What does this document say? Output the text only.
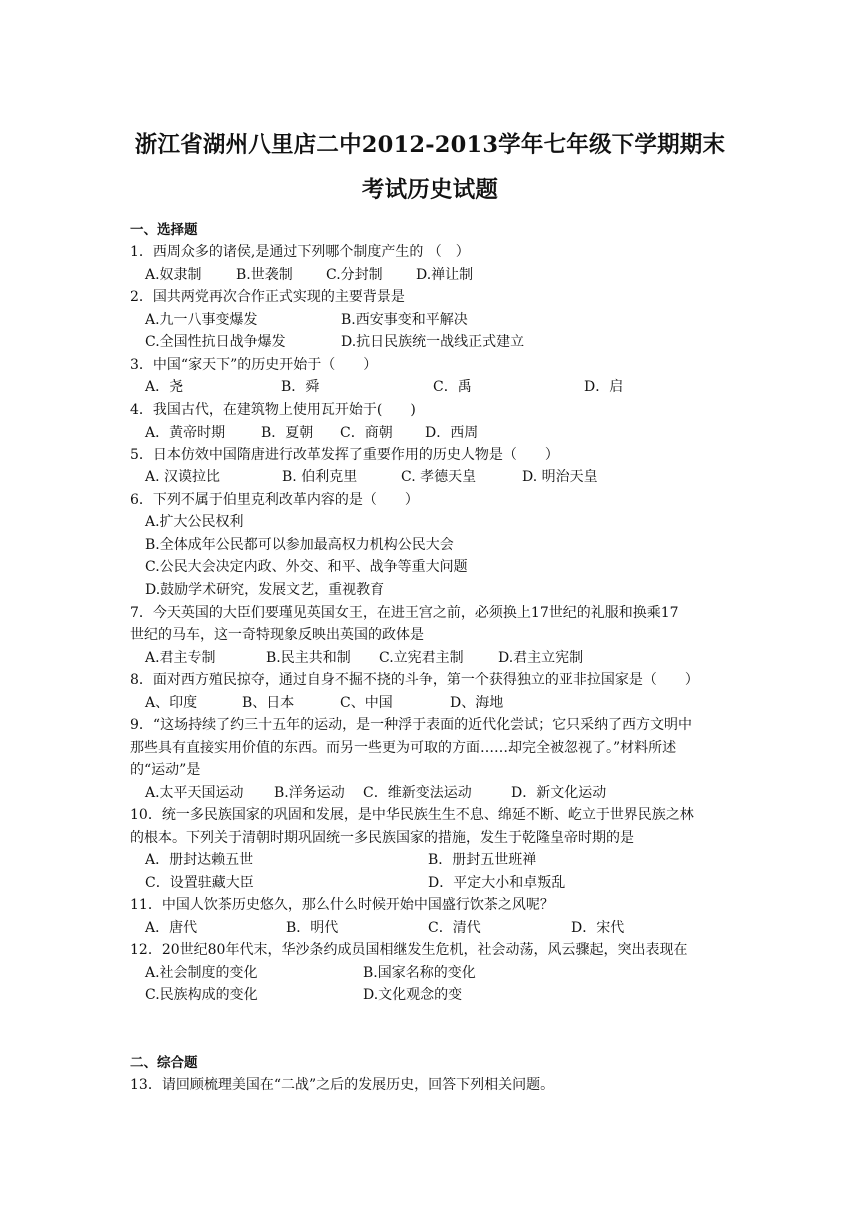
浙江省湖州八里店二中2012-2013学年七年级下学期期末
考试历史试题
一、选择题
1．西周众多的诸侯,是通过下列哪个制度产生的 （　）
A.奴隶制 B.世袭制 C.分封制 D.禅让制
2．国共两党再次合作正式实现的主要背景是
A.九一八事变爆发	B.西安事变和平解决
C.全国性抗日战争爆发	D.抗日民族统一战线正式建立
3．中国“家天下”的历史开始于（　　）
A．尧	B．舜	C．禹	D．启
4．我国古代，在建筑物上使用瓦开始于(　　)
A．黄帝时期	B．夏朝 C．商朝 D．西周
5．日本仿效中国隋唐进行改革发挥了重要作用的历史人物是（　　）
A. 汉谟拉比	B. 伯利克里	C. 孝德天皇	D. 明治天皇
6．下列不属于伯里克利改革内容的是（　　）
A.扩大公民权利
B.全体成年公民都可以参加最高权力机构公民大会
C.公民大会决定内政、外交、和平、战争等重大问题
D.鼓励学术研究，发展文艺，重视教育
7．今天英国的大臣们要瑾见英国女王，在进王宫之前，必须换上17世纪的礼服和换乘17
世纪的马车，这一奇特现象反映出英国的政体是
A.君主专制	B.民主共和制 C.立宪君主制 D.君主立宪制
8．面对西方殖民掠夺，通过自身不掘不挠的斗争，第一个获得独立的亚非拉国家是（　　）
A、印度	B、日本	C、中国	D、海地
9．“这场持续了约三十五年的运动，是一种浮于表面的近代化尝试；它只采纳了西方文明中
那些具有直接实用价值的东西。而另一些更为可取的方面……却完全被忽视了。”材料所述
的“运动”是
A.太平天国运动 B.洋务运动 C．维新变法运动	D．新文化运动
10．统一多民族国家的巩固和发展，是中华民族生生不息、绵延不断、屹立于世界民族之林
的根本。下列关于清朝时期巩固统一多民族国家的措施，发生于乾隆皇帝时期的是
A．册封达赖五世	B．册封五世班禅
C．设置驻藏大臣	D．平定大小和卓叛乱
11．中国人饮茶历史悠久，那么什么时候开始中国盛行饮茶之风呢？
A．唐代	B．明代	C．清代	D．宋代
12．20世纪80年代末，华沙条约成员国相继发生危机，社会动荡，风云骤起，突出表现在
A.社会制度的变化	B.国家名称的变化
C.民族构成的变化	D.文化观念的变
二、综合题
13．请回顾梳理美国在“二战”之后的发展历史，回答下列相关问题。
